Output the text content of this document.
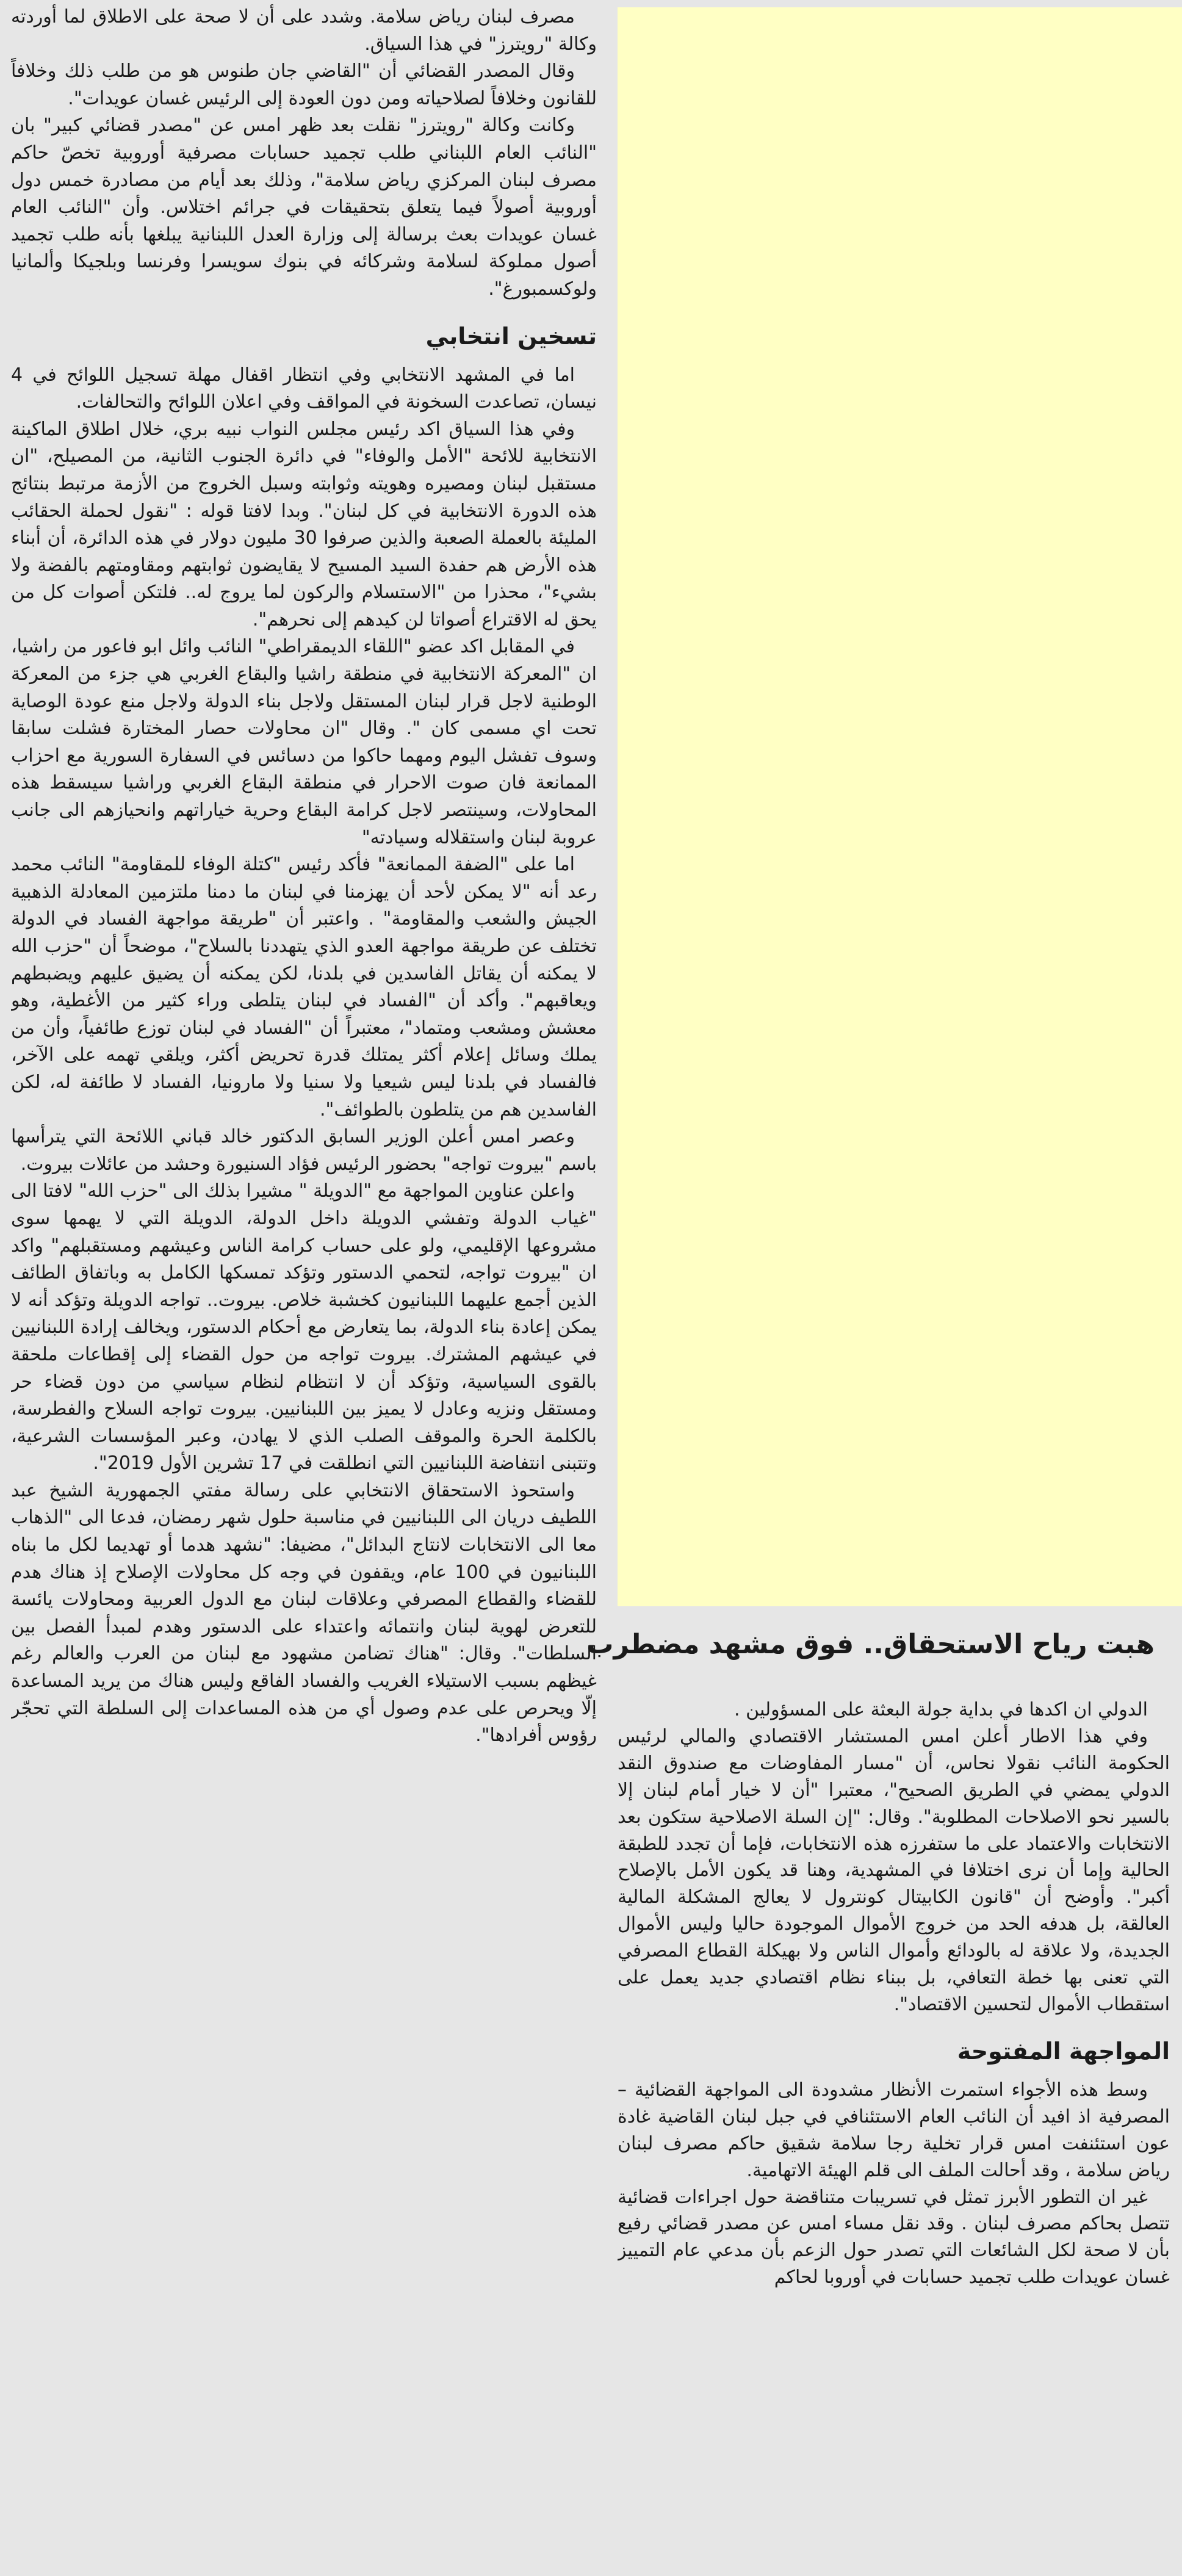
مصرف لبنان رياض سلامة. وشدد على أن لا صحة على الاطلاق لما أوردته وكالة "رويترز" في هذا السياق.

وقال المصدر القضائي أن "القاضي جان طنوس هو من طلب ذلك وخلافاً للقانون وخلافاً لصلاحياته ومن دون العودة إلى الرئيس غسان عويدات".

وكانت وكالة "رويترز" نقلت بعد ظهر امس عن "مصدر قضائي كبير" بان "النائب العام اللبناني طلب تجميد حسابات مصرفية أوروبية تخصّ حاكم مصرف لبنان المركزي رياض سلامة"، وذلك بعد أيام من مصادرة خمس دول أوروبية أصولاً فيما يتعلق بتحقيقات في جرائم اختلاس. وأن "النائب العام غسان عويدات بعث برسالة إلى وزارة العدل اللبنانية يبلغها بأنه طلب تجميد أصول مملوكة لسلامة وشركائه في بنوك سويسرا وفرنسا وبلجيكا وألمانيا ولوكسمبورغ".

تسخين انتخابي

اما في المشهد الانتخابي وفي انتظار اقفال مهلة تسجيل اللوائح في 4 نيسان، تصاعدت السخونة في المواقف وفي اعلان اللوائح والتحالفات.

وفي هذا السياق اكد رئيس مجلس النواب نبيه بري، خلال اطلاق الماكينة الانتخابية للائحة "الأمل والوفاء" في دائرة الجنوب الثانية، من المصيلح، "ان مستقبل لبنان ومصيره وهويته وثوابته وسبل الخروج من الأزمة مرتبط بنتائج هذه الدورة الانتخابية في كل لبنان". وبدا لافتا قوله : "نقول لحملة الحقائب المليئة بالعملة الصعبة والذين صرفوا 30 مليون دولار في هذه الدائرة، أن أبناء هذه الأرض هم حفدة السيد المسيح لا يقايضون ثوابتهم ومقاومتهم بالفضة ولا بشيء"، محذرا من "الاستسلام والركون لما يروج له.. فلتكن أصوات كل من يحق له الاقتراع أصواتا لن كيدهم إلى نحرهم".

في المقابل اكد عضو "اللقاء الديمقراطي" النائب وائل ابو فاعور من راشيا، ان "المعركة الانتخابية في منطقة راشيا والبقاع الغربي هي جزء من المعركة الوطنية لاجل قرار لبنان المستقل ولاجل بناء الدولة ولاجل منع عودة الوصاية تحت اي مسمى كان ". وقال "ان محاولات حصار المختارة فشلت سابقا وسوف تفشل اليوم ومهما حاكوا من دسائس في السفارة السورية مع احزاب الممانعة فان صوت الاحرار في منطقة البقاع الغربي وراشيا سيسقط هذه المحاولات، وسينتصر لاجل كرامة البقاع وحرية خياراتهم وانحيازهم الى جانب عروبة لبنان واستقلاله وسيادته"

اما على "الضفة الممانعة" فأكد رئيس "كتلة الوفاء للمقاومة" النائب محمد رعد أنه "لا يمكن لأحد أن يهزمنا في لبنان ما دمنا ملتزمين المعادلة الذهبية الجيش والشعب والمقاومة" . واعتبر أن "طريقة مواجهة الفساد في الدولة تختلف عن طريقة مواجهة العدو الذي يتهددنا بالسلاح"، موضحاً أن "حزب الله لا يمكنه أن يقاتل الفاسدين في بلدنا، لكن يمكنه أن يضيق عليهم ويضبطهم ويعاقبهم". وأكد أن "الفساد في لبنان يتلطى وراء كثير من الأغطية، وهو معشش ومشعب ومتماد"، معتبراً أن "الفساد في لبنان توزع طائفياً، وأن من يملك وسائل إعلام أكثر يمتلك قدرة تحريض أكثر، ويلقي تهمه على الآخر، فالفساد في بلدنا ليس شيعيا ولا سنيا ولا مارونيا، الفساد لا طائفة له، لكن الفاسدين هم من يتلطون بالطوائف".

وعصر امس أعلن الوزير السابق الدكتور خالد قباني اللائحة التي يترأسها باسم "بيروت تواجه" بحضور الرئيس فؤاد السنيورة وحشد من عائلات بيروت.

واعلن عناوين المواجهة مع "الدويلة " مشيرا بذلك الى "حزب الله" لافتا الى "غياب الدولة وتفشي الدويلة داخل الدولة، الدويلة التي لا يهمها سوى مشروعها الإقليمي، ولو على حساب كرامة الناس وعيشهم ومستقبلهم" واكد ان "بيروت تواجه، لتحمي الدستور وتؤكد تمسكها الكامل به وباتفاق الطائف الذين أجمع عليهما اللبنانيون كخشبة خلاص. بيروت.. تواجه الدويلة وتؤكد أنه لا يمكن إعادة بناء الدولة، بما يتعارض مع أحكام الدستور، ويخالف إرادة اللبنانيين في عيشهم المشترك. بيروت تواجه من حول القضاء إلى إقطاعات ملحقة بالقوى السياسية، وتؤكد أن لا انتظام لنظام سياسي من دون قضاء حر ومستقل ونزيه وعادل لا يميز بين اللبنانيين. بيروت تواجه السلاح والفطرسة، بالكلمة الحرة والموقف الصلب الذي لا يهادن، وعبر المؤسسات الشرعية، وتتبنى انتفاضة اللبنانيين التي انطلقت في 17 تشرين الأول 2019".

واستحوذ الاستحقاق الانتخابي على رسالة مفتي الجمهورية الشيخ عبد اللطيف دريان الى اللبنانيين في مناسبة حلول شهر رمضان، فدعا الى "الذهاب معا الى الانتخابات لانتاج البدائل"، مضيفا: "نشهد هدما أو تهديما لكل ما بناه اللبنانيون في 100 عام، ويقفون في وجه كل محاولات الإصلاح إذ هناك هدم للقضاء والقطاع المصرفي وعلاقات لبنان مع الدول العربية ومحاولات يائسة للتعرض لهوية لبنان وانتمائه واعتداء على الدستور وهدم لمبدأ الفصل بين السلطات". وقال: "هناك تضامن مشهود مع لبنان من العرب والعالم رغم غيظهم بسبب الاستيلاء الغريب والفساد الفاقع وليس هناك من يريد المساعدة إلّا ويحرص على عدم وصول أي من هذه المساعدات إلى السلطة التي تحجّر رؤوس أفرادها".

هبت رياح الاستحقاق.. فوق مشهد مضطرب

الدولي ان اكدها في بداية جولة البعثة على المسؤولين .

وفي هذا الاطار أعلن امس المستشار الاقتصادي والمالي لرئيس الحكومة النائب نقولا نحاس، أن "مسار المفاوضات مع صندوق النقد الدولي يمضي في الطريق الصحيح"، معتبرا "أن لا خيار أمام لبنان إلا بالسير نحو الاصلاحات المطلوبة". وقال: "إن السلة الاصلاحية ستكون بعد الانتخابات والاعتماد على ما ستفرزه هذه الانتخابات، فإما أن تجدد للطبقة الحالية وإما أن نرى اختلافا في المشهدية، وهنا قد يكون الأمل بالإصلاح أكبر". وأوضح أن "قانون الكابيتال كونترول لا يعالج المشكلة المالية العالقة، بل هدفه الحد من خروج الأموال الموجودة حاليا وليس الأموال الجديدة، ولا علاقة له بالودائع وأموال الناس ولا بهيكلة القطاع المصرفي التي تعنى بها خطة التعافي، بل ببناء نظام اقتصادي جديد يعمل على استقطاب الأموال لتحسين الاقتصاد".

المواجهة المفتوحة

وسط هذه الأجواء استمرت الأنظار مشدودة الى المواجهة القضائية – المصرفية اذ افيد أن النائب العام الاستئنافي في جبل لبنان القاضية غادة عون استئنفت امس قرار تخلية رجا سلامة شقيق حاكم مصرف لبنان رياض سلامة ، وقد أحالت الملف الى قلم الهيئة الاتهامية.

غير ان التطور الأبرز تمثل في تسريبات متناقضة حول اجراءات قضائية تتصل بحاكم مصرف لبنان . وقد نقل مساء امس عن مصدر قضائي رفيع بأن لا صحة لكل الشائعات التي تصدر حول الزعم بأن مدعي عام التمييز غسان عويدات طلب تجميد حسابات في أوروبا لحاكم
